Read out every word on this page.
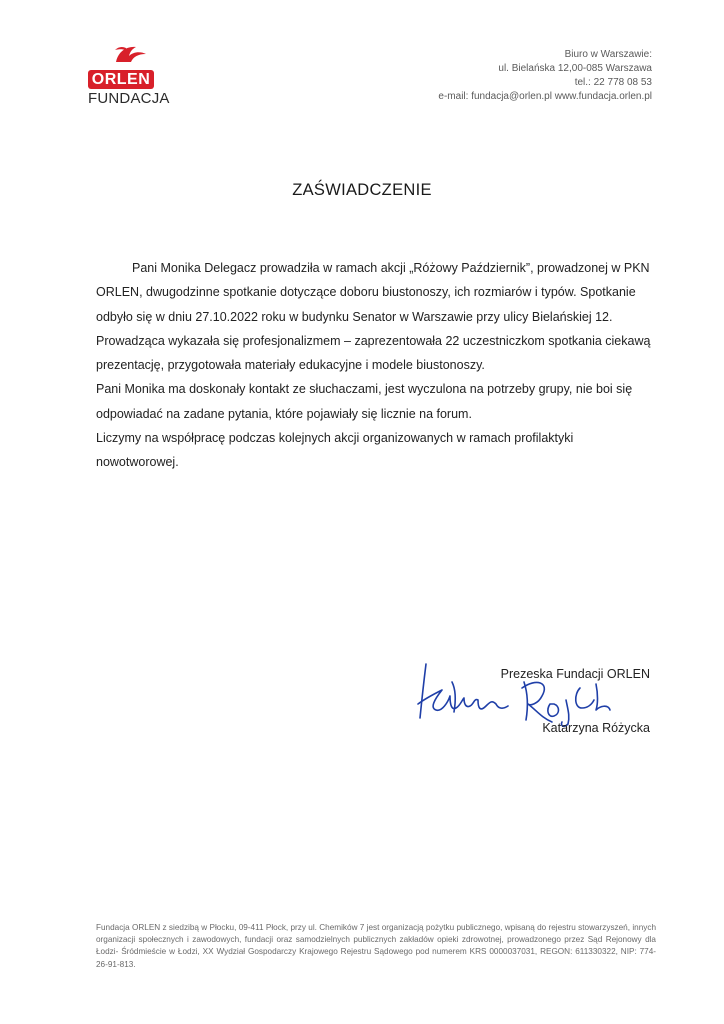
ORLEN
FUNDACJA
Biuro w Warszawie:
ul. Bielańska 12,00-085 Warszawa
tel.: 22 778 08 53
e-mail: fundacja@orlen.pl www.fundacja.orlen.pl
ZAŚWIADCZENIE

Pani Monika Delegacz prowadziła w ramach akcji „Różowy Październik”, prowadzonej w PKN ORLEN, dwugodzinne spotkanie dotyczące doboru biustonoszy, ich rozmiarów i typów. Spotkanie odbyło się w dniu 27.10.2022 roku w budynku Senator w Warszawie przy ulicy Bielańskiej 12.

Prowadząca wykazała się profesjonalizmem – zaprezentowała 22 uczestniczkom spotkania ciekawą prezentację, przygotowała materiały edukacyjne i modele biustonoszy.

Pani Monika ma doskonały kontakt ze słuchaczami, jest wyczulona na potrzeby grupy, nie boi się odpowiadać na zadane pytania, które pojawiały się licznie na forum.

Liczymy na współpracę podczas kolejnych akcji organizowanych w ramach profilaktyki nowotworowej.

Prezeska Fundacji ORLEN
Katarzyna Różycka
Fundacja ORLEN z siedzibą w Płocku, 09-411 Płock, przy ul. Chemików 7 jest organizacją pożytku publicznego, wpisaną do rejestru stowarzyszeń, innych organizacji społecznych i zawodowych, fundacji oraz samodzielnych publicznych zakładów opieki zdrowotnej, prowadzonego przez Sąd Rejonowy dla Łodzi- Śródmieście w Łodzi, XX Wydział Gospodarczy Krajowego Rejestru Sądowego pod numerem KRS 0000037031, REGON: 611330322, NIP: 774-26-91-813.
